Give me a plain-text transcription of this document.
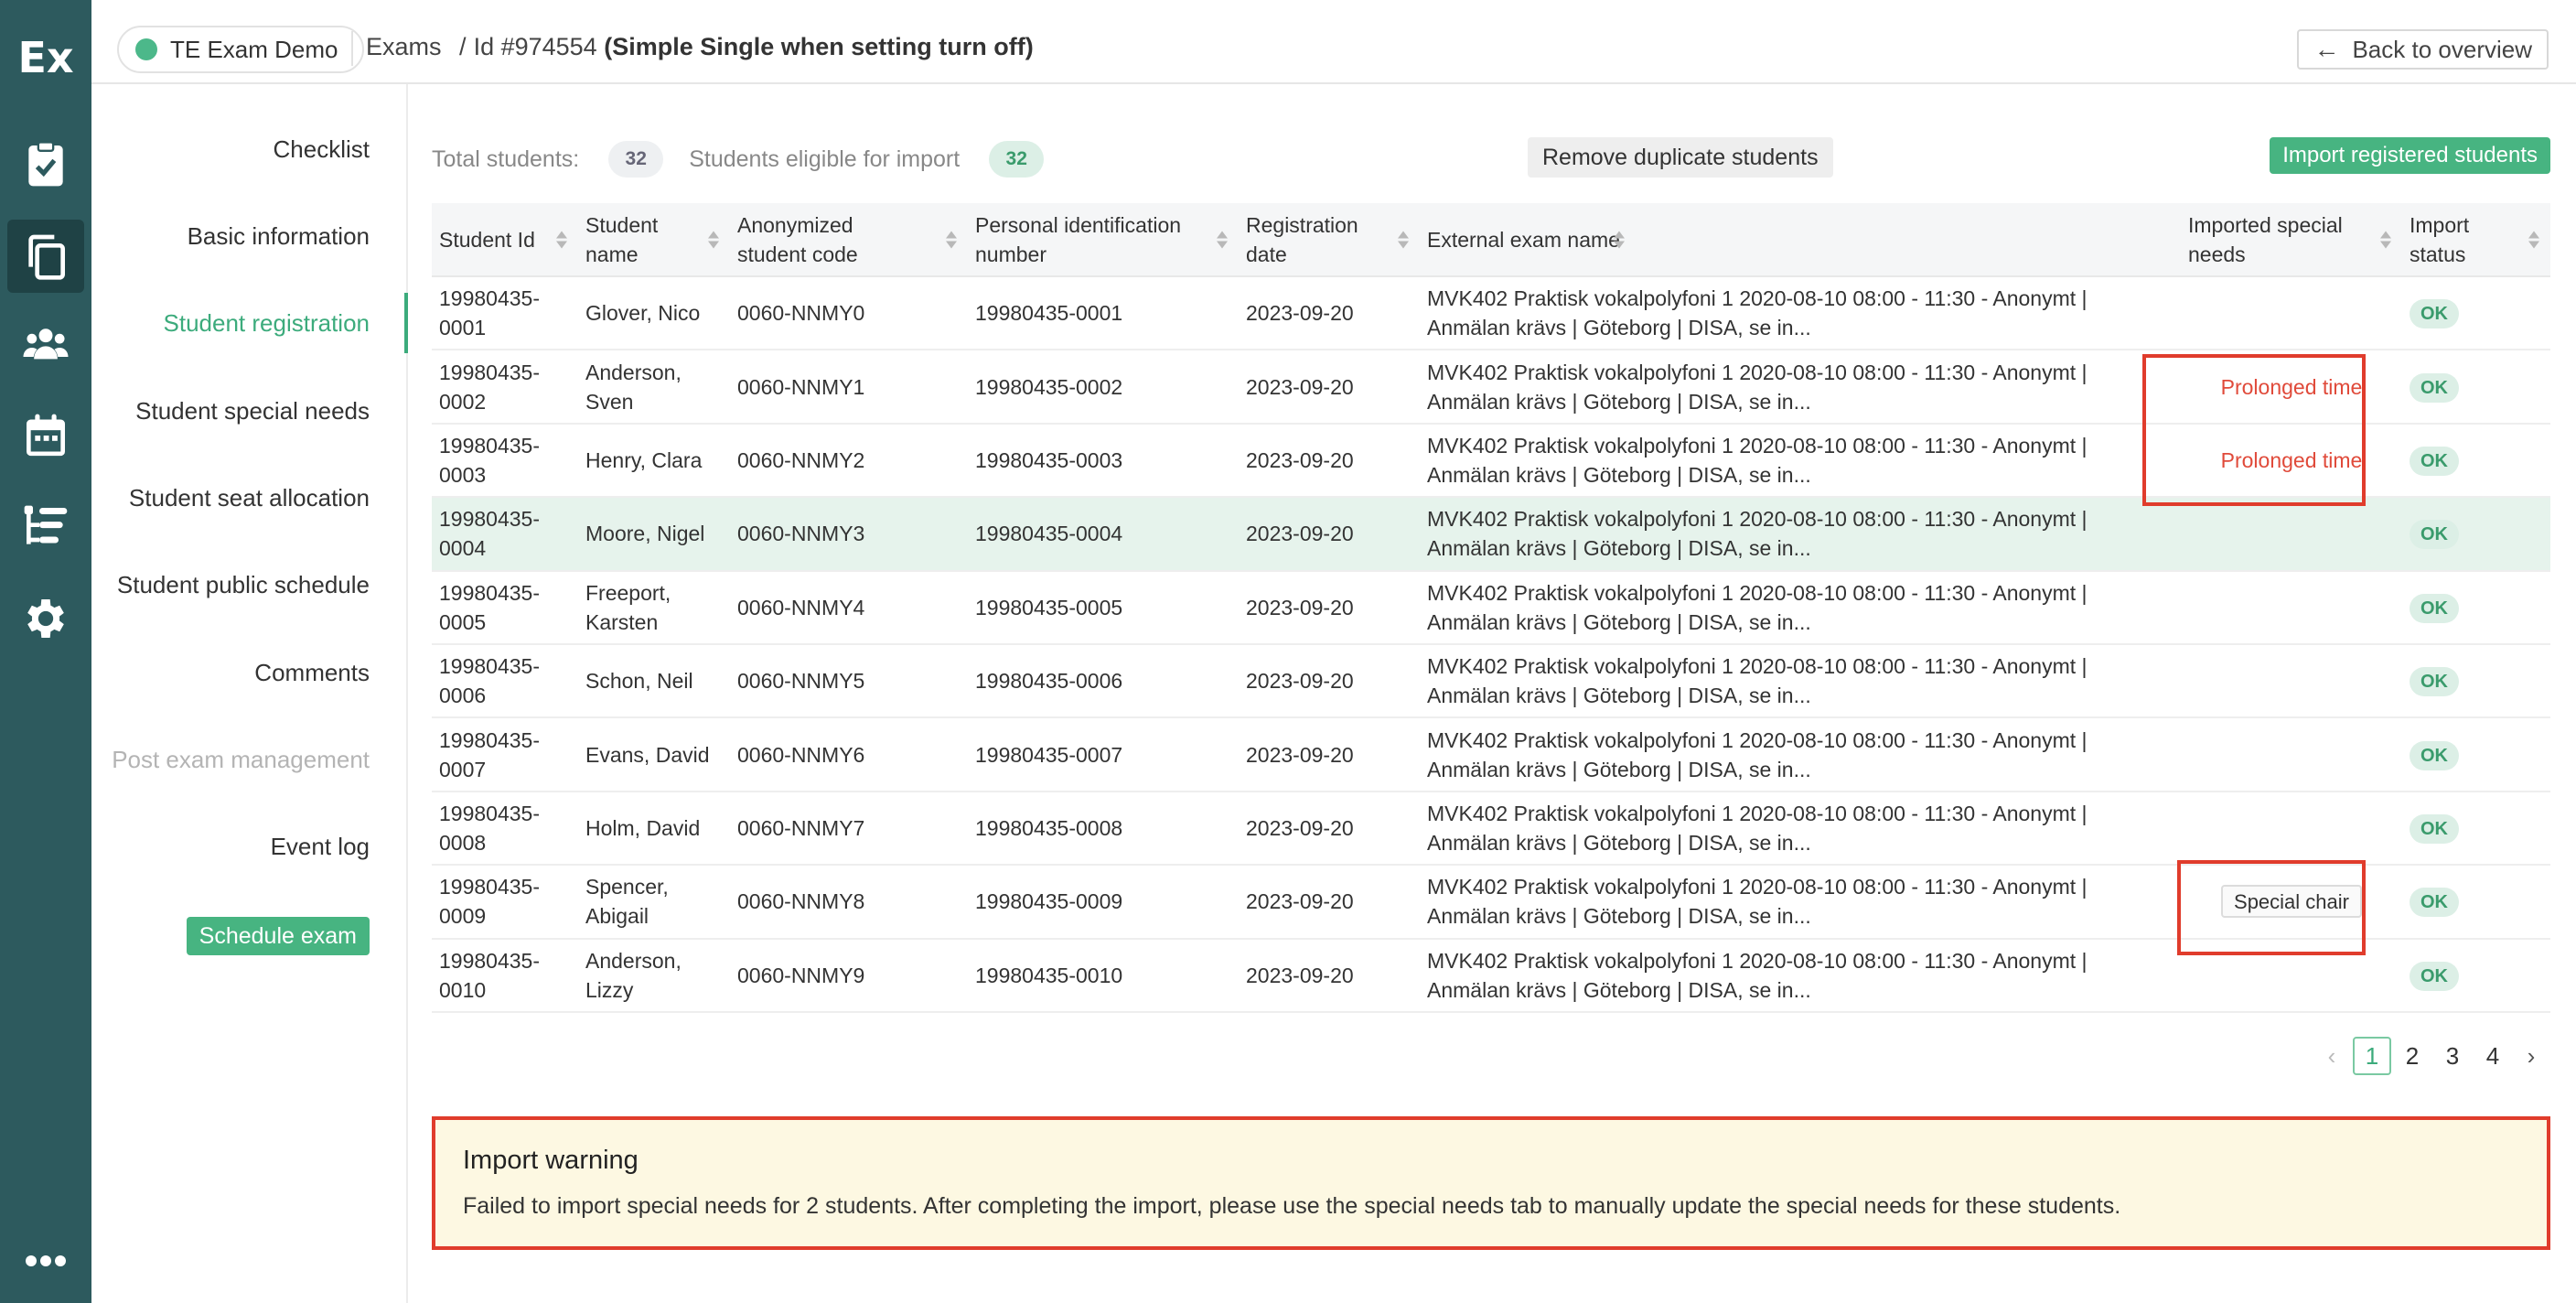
Ex	TE Exam Demo Exams / Id #974554 (Simple Single when setting turn off)	← Back to overview
Checklist
Basic information
Student registration
Student special needs
Student seat allocation
Student public schedule
Comments
Post exam management
Event log
Schedule exam
Total students:	32	Students eligible for import	32	Remove duplicate students	Import registered students
Student Id	Student name	Anonymized student code	Personal identification number	Registration date	External exam name	Imported special needs	Import status

19980435-0001	Glover, Nico	0060-NNMY0	19980435-0001	2023-09-20	MVK402 Praktisk vokalpolyfoni 1 2020-08-10 08:00 - 11:30 - Anonymt | Anmälan krävs | Göteborg | DISA, se in...		OK
19980435-0002	Anderson, Sven	0060-NNMY1	19980435-0002	2023-09-20	MVK402 Praktisk vokalpolyfoni 1 2020-08-10 08:00 - 11:30 - Anonymt | Anmälan krävs | Göteborg | DISA, se in...	Prolonged time	OK
19980435-0003	Henry, Clara	0060-NNMY2	19980435-0003	2023-09-20	MVK402 Praktisk vokalpolyfoni 1 2020-08-10 08:00 - 11:30 - Anonymt | Anmälan krävs | Göteborg | DISA, se in...	Prolonged time	OK
19980435-0004	Moore, Nigel	0060-NNMY3	19980435-0004	2023-09-20	MVK402 Praktisk vokalpolyfoni 1 2020-08-10 08:00 - 11:30 - Anonymt | Anmälan krävs | Göteborg | DISA, se in...		OK
19980435-0005	Freeport, Karsten	0060-NNMY4	19980435-0005	2023-09-20	MVK402 Praktisk vokalpolyfoni 1 2020-08-10 08:00 - 11:30 - Anonymt | Anmälan krävs | Göteborg | DISA, se in...		OK
19980435-0006	Schon, Neil	0060-NNMY5	19980435-0006	2023-09-20	MVK402 Praktisk vokalpolyfoni 1 2020-08-10 08:00 - 11:30 - Anonymt | Anmälan krävs | Göteborg | DISA, se in...		OK
19980435-0007	Evans, David	0060-NNMY6	19980435-0007	2023-09-20	MVK402 Praktisk vokalpolyfoni 1 2020-08-10 08:00 - 11:30 - Anonymt | Anmälan krävs | Göteborg | DISA, se in...		OK
19980435-0008	Holm, David	0060-NNMY7	19980435-0008	2023-09-20	MVK402 Praktisk vokalpolyfoni 1 2020-08-10 08:00 - 11:30 - Anonymt | Anmälan krävs | Göteborg | DISA, se in...		OK
19980435-0009	Spencer, Abigail	0060-NNMY8	19980435-0009	2023-09-20	MVK402 Praktisk vokalpolyfoni 1 2020-08-10 08:00 - 11:30 - Anonymt | Anmälan krävs | Göteborg | DISA, se in...	Special chair	OK
19980435-0010	Anderson, Lizzy	0060-NNMY9	19980435-0010	2023-09-20	MVK402 Praktisk vokalpolyfoni 1 2020-08-10 08:00 - 11:30 - Anonymt | Anmälan krävs | Göteborg | DISA, se in...		OK
‹	1	2	3	4	›
Import warning
Failed to import special needs for 2 students. After completing the import, please use the special needs tab to manually update the special needs for these students.
